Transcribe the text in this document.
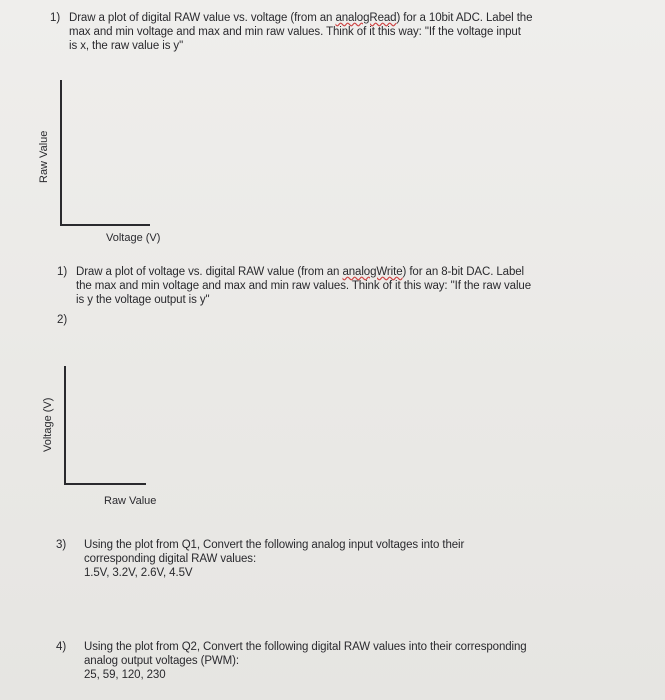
1) Draw a plot of digital RAW value vs. voltage (from an analogRead) for a 10bit ADC. Label the
max and min voltage and max and min raw values. Think of it this way: "If the voltage input
is x, the raw value is y"
Raw Value
Voltage (V)
1) Draw a plot of voltage vs. digital RAW value (from an analogWrite) for an 8-bit DAC. Label
the max and min voltage and max and min raw values. Think of it this way: "If the raw value
is y the voltage output is y"
2)
Voltage (V)
Raw Value
3) Using the plot from Q1, Convert the following analog input voltages into their
corresponding digital RAW values:
1.5V, 3.2V, 2.6V, 4.5V
4) Using the plot from Q2, Convert the following digital RAW values into their corresponding
analog output voltages (PWM):
25, 59, 120, 230
